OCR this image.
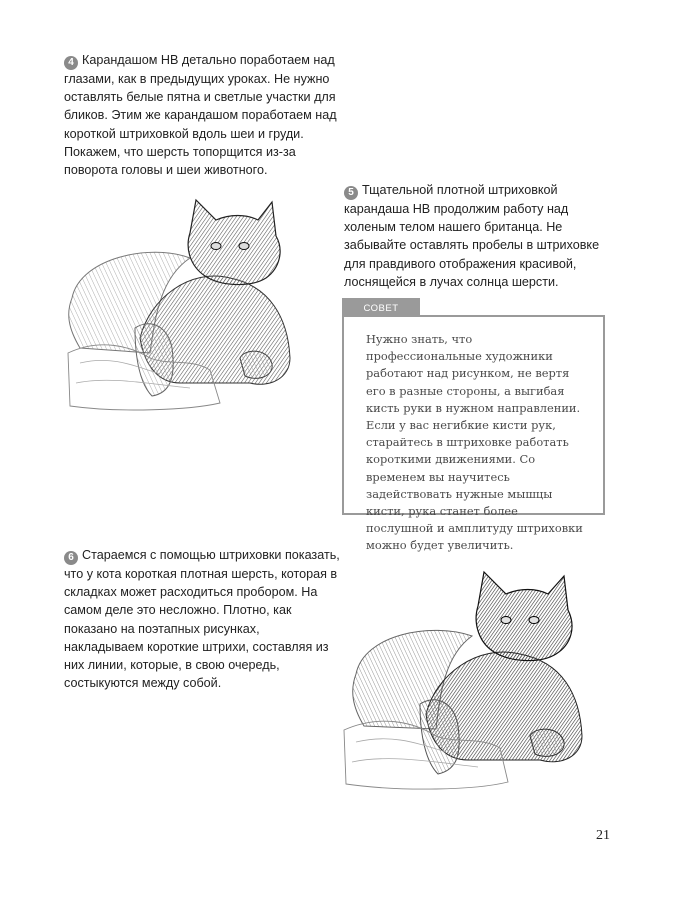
4 Карандашом HB детально поработаем над глазами, как в предыдущих уроках. Не нужно оставлять белые пятна и светлые участки для бликов. Этим же карандашом поработаем над короткой штриховкой вдоль шеи и груди. Покажем, что шерсть топорщится из-за поворота головы и шеи животного.
5 Тщательной плотной штриховкой карандаша HB продолжим работу над холеным телом нашего британца. Не забывайте оставлять пробелы в штриховке для правдивого отображения красивой, лоснящейся в лучах солнца шерсти.
СОВЕТ
Нужно знать, что профессиональные художники работают над рисунком, не вертя его в разные стороны, а выгибая кисть руки в нужном направлении. Если у вас негибкие кисти рук, старайтесь в штриховке работать короткими движениями. Со временем вы научитесь задействовать нужные мышцы кисти, рука станет более послушной и амплитуду штриховки можно будет увеличить.
6 Стараемся с помощью штриховки показать, что у кота короткая плотная шерсть, которая в складках может расходиться пробором. На самом деле это несложно. Плотно, как показано на поэтапных рисунках, накладываем короткие штрихи, составляя из них линии, которые, в свою очередь, состыкуются между собой.
21
